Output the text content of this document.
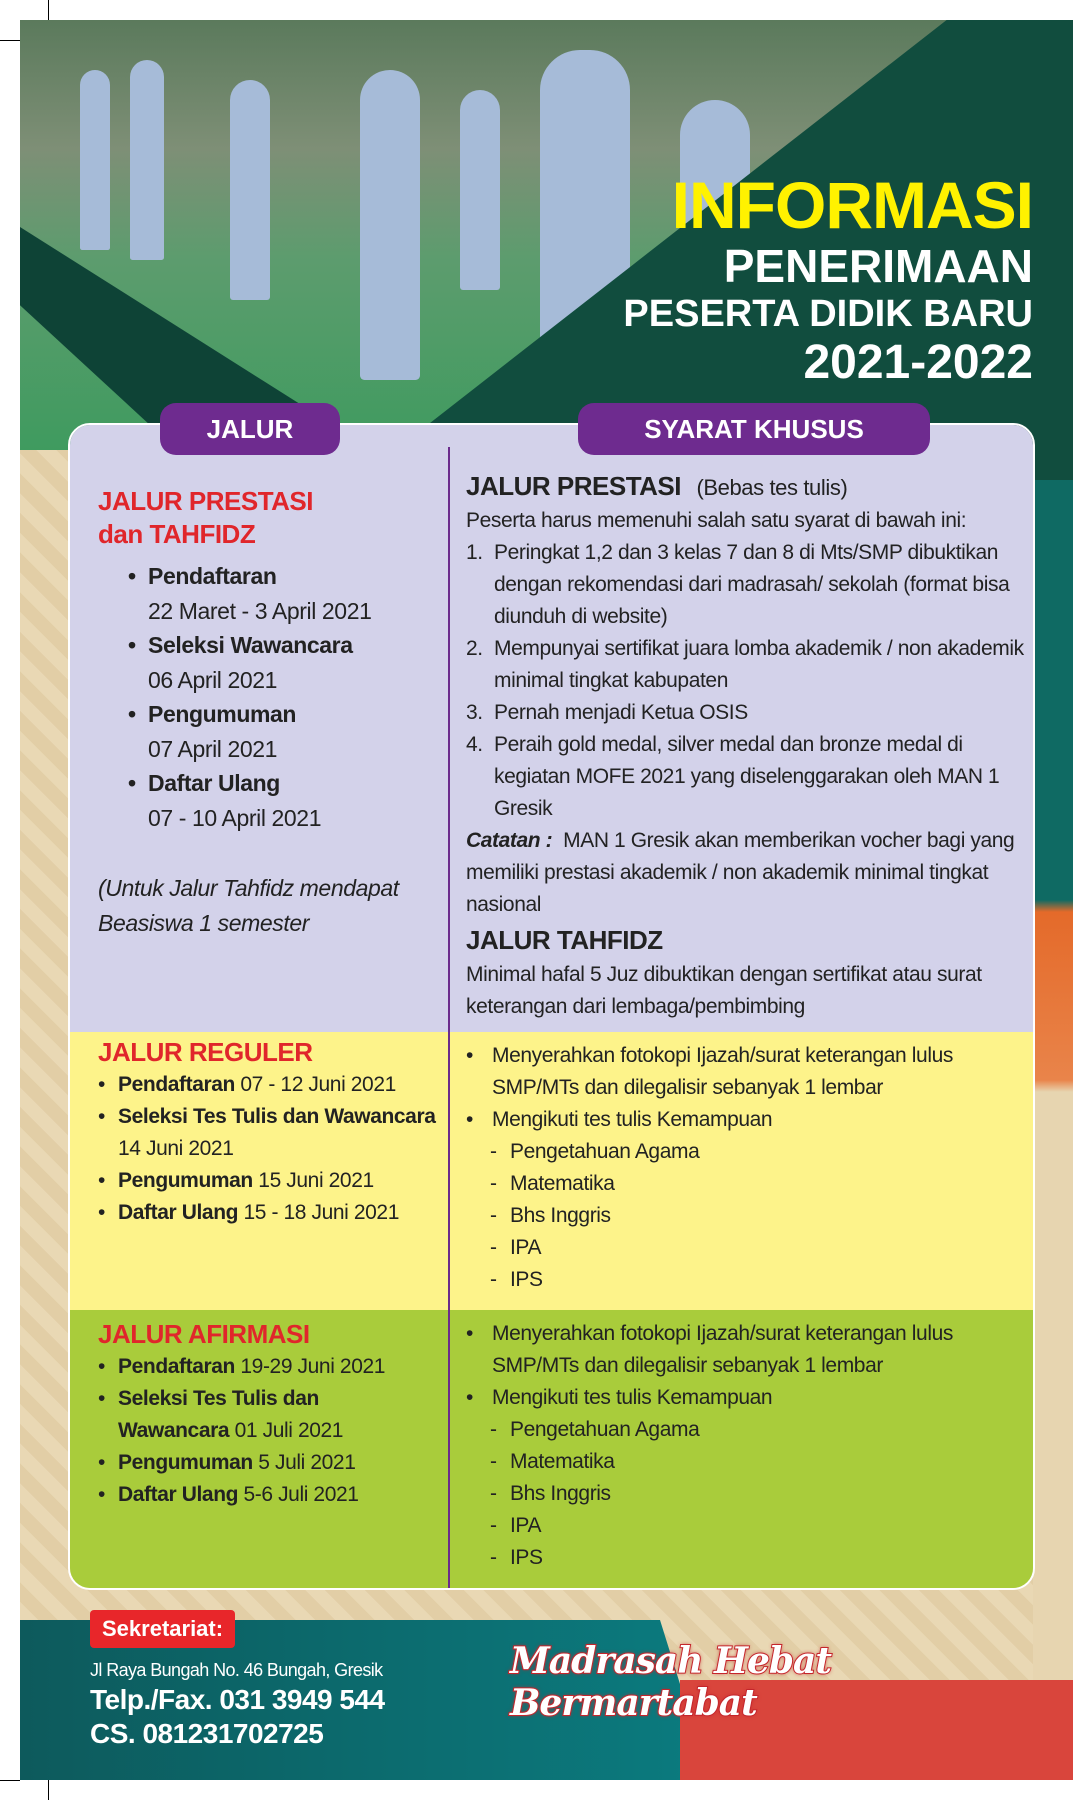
INFORMASI
PENERIMAAN
PESERTA DIDIK BARU
2021-2022
JALUR PRESTASI
dan TAHFIDZ
• Pendaftaran
22 Maret - 3 April 2021
• Seleksi Wawancara
06 April 2021
• Pengumuman
07 April 2021
• Daftar Ulang
07 - 10 April 2021
(Untuk Jalur Tahfidz mendapat Beasiswa 1 semester
JALUR PRESTASI (Bebas tes tulis)
Peserta harus memenuhi salah satu syarat di bawah ini:
1. Peringkat 1,2 dan 3 kelas 7 dan 8 di Mts/SMP dibuktikan dengan rekomendasi dari madrasah/ sekolah (format bisa diunduh di website)
2. Mempunyai sertifikat juara lomba akademik / non akademik minimal tingkat kabupaten
3. Pernah menjadi Ketua OSIS
4. Peraih gold medal, silver medal dan bronze medal di kegiatan MOFE 2021 yang diselenggarakan oleh MAN 1 Gresik
Catatan : MAN 1 Gresik akan memberikan vocher bagi yang memiliki prestasi akademik / non akademik minimal tingkat nasional
JALUR TAHFIDZ
Minimal hafal 5 Juz dibuktikan dengan sertifikat atau surat keterangan dari lembaga/pembimbing
JALUR REGULER
• Pendaftaran 07 - 12 Juni 2021
• Seleksi Tes Tulis dan Wawancara 14 Juni 2021
• Pengumuman 15 Juni 2021
• Daftar Ulang 15 - 18 Juni 2021
• Menyerahkan fotokopi Ijazah/surat keterangan lulus SMP/MTs dan dilegalisir sebanyak 1 lembar
• Mengikuti tes tulis Kemampuan
- Pengetahuan Agama
- Matematika
- Bhs Inggris
- IPA
- IPS
JALUR AFIRMASI
• Pendaftaran 19-29 Juni 2021
• Seleksi Tes Tulis dan Wawancara 01 Juli 2021
• Pengumuman 5 Juli 2021
• Daftar Ulang 5-6 Juli 2021
• Menyerahkan fotokopi Ijazah/surat keterangan lulus SMP/MTs dan dilegalisir sebanyak 1 lembar
• Mengikuti tes tulis Kemampuan
- Pengetahuan Agama
- Matematika
- Bhs Inggris
- IPA
- IPS
JALUR	SYARAT KHUSUS
Sekretariat:
Jl Raya Bungah No. 46 Bungah, Gresik
Telp./Fax. 031 3949 544
CS. 081231702725
Madrasah Hebat Bermartabat
